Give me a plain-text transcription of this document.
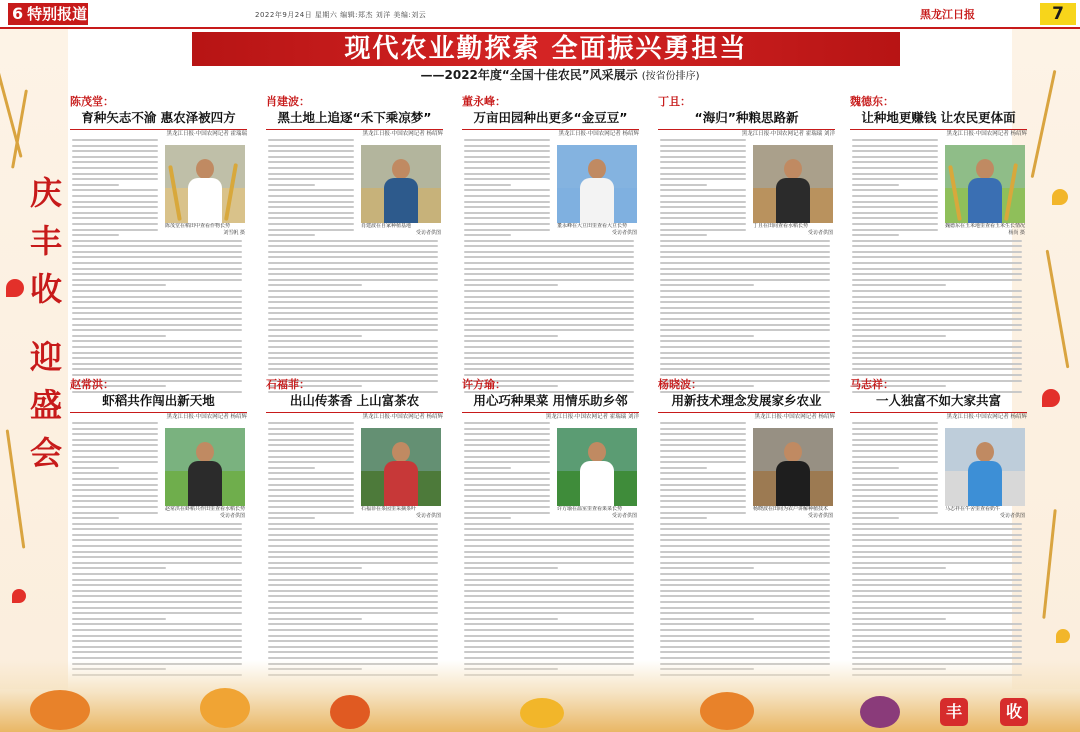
6 特别报道	2022年9月24日 星期六 编辑:郑杰 刘洋 美编:刘云	黑龙江日报	7
庆
丰
收
迎
盛
会
现代农业勤探索 全面振兴勇担当
——2022年度“全国十佳农民”风采展示 (按省份排序)
陈茂堂：
育种矢志不渝 惠农泽被四方
黑龙江日报·中国农网记者 霍瑞瑞
陈茂堂在稻田中查看作物长势
刘雪帆 摄
肖建波：
黑土地上追逐“禾下乘凉梦”
黑龙江日报·中国农网记者 杨绍辉
肖建波在自家种植基地
受访者供图
董永峰：
万亩田园种出更多“金豆豆”
黑龙江日报·中国农网记者 杨绍辉
董永峰在大豆田里查看大豆长势
受访者供图
丁且：
“海归”种粮思路新
黑龙江日报·中国农网记者 霍瑞瑞 刘洋
丁且在田间查看水稻长势
受访者供图
魏德东：
让种地更赚钱 让农民更体面
黑龙江日报·中国农网记者 杨绍辉
魏德东在玉米地里查看玉米生长情况
杨尚 摄
赵常洪：
虾稻共作闯出新天地
黑龙江日报·中国农网记者 杨绍辉
赵常洪在虾稻共作田里查看水稻长势
受访者供图
石福菲：
出山传茶香 上山富茶农
黑龙江日报·中国农网记者 杨绍辉
石福菲在茶园里采摘茶叶
受访者供图
许方瑜：
用心巧种果菜 用情乐助乡邻
黑龙江日报·中国农网记者 霍瑞瑞 刘洋
许方瑜在温室里查看果菜长势
受访者供图
杨晓波：
用新技术理念发展家乡农业
黑龙江日报·中国农网记者 杨绍辉
杨晓波在田间为农户讲解种植技术
受访者供图
马志祥：
一人独富不如大家共富
黑龙江日报·中国农网记者 杨绍辉
马志祥在牛舍里查看奶牛
受访者供图
丰	收
